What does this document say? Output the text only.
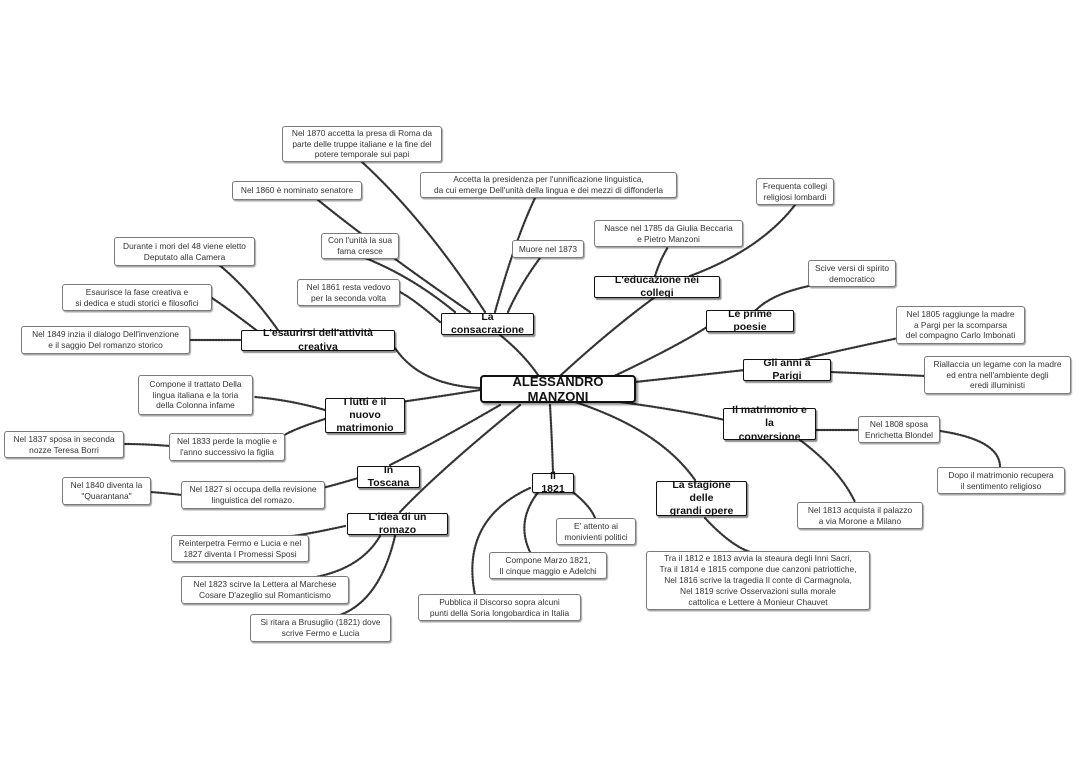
ALESSANDRO MANZONI
La consacrazione
L'educazione nei collegi
Le prime poesie
Gli anni a Parigi
Il matrimonio e la
conversione
La stagione delle
grandi opere
Il 1821
L'idea di un romazo
In Toscana
I lutti e il nuovo
matrimonio
L'esaurirsi dell'attività creativa
Nel 1870 accetta la presa di Roma da
parte delle truppe italiane e la fine del
potere temporale sui papi
Nel 1860 è nominato senatore
Accetta la presidenza per l'unnificazione linguistica,
da cui emerge Dell'unità della lingua e dei mezzi di diffonderla
Con l'unità la sua
fama cresce	Muore nel 1873
Nel 1861 resta vedovo
per la seconda volta
Frequenta collegi
religiosi lombardi
Nasce nel 1785 da Giulia Beccaria
e Pietro Manzoni
Scive versi di spirito
democratico
Nel 1805 raggiunge la madre
a Pargi per la scomparsa
del compagno Carlo Imbonati
Riallaccia un legame con la madre
ed entra nell'ambiente degli
eredi illuministi
Nel 1808 sposa
Enrichetta Blondel
Dopo il matrimonio recupera
il sentimento religioso
Nel 1813 acquista il palazzo
a via Morone a Milano
Tra il 1812 e 1813 avvia la steaura degli Inni Sacri,
Tra il 1814 e 1815 compone due canzoni patriottiche,
Nel 1816 scrive la tragedia Il conte di Carmagnola,
Nel 1819 scrive Osservazioni sulla morale
cattolica e Lettere à Monieur Chauvet
E' attento ai
monivienti politici
Compone Marzo 1821,
Il cinque maggio e Adelchi
Pubblica il Discorso sopra alcuni
punti della Soria longobardica in Italia
Reinterpetra Fermo e Lucia e nel
1827 diventa I Promessi Sposi
Nel 1823 scirve la Lettera al Marchese
Cosare D'azeglio sul Romanticismo
Si ritara a Brusuglio (1821) dove
scrive Fermo e Lucia
Nel 1827 si occupa della revisione
linguistica del romazo.
Nel 1840 diventa la
"Quarantana"
Nel 1837 sposa in seconda
nozze Teresa Borri
Nel 1833 perde la moglie e
l'anno successivo la figlia
Compone il trattato Della
lingua italiana e la toria
della Colonna infame
Nel 1849 inzia il dialogo Dell'invenzione
e il saggio Del romanzo storico
Esaurisce la fase creativa e
si dedica e studi storici e filosofici
Durante i mori del 48 viene eletto
Deputato alla Camera
